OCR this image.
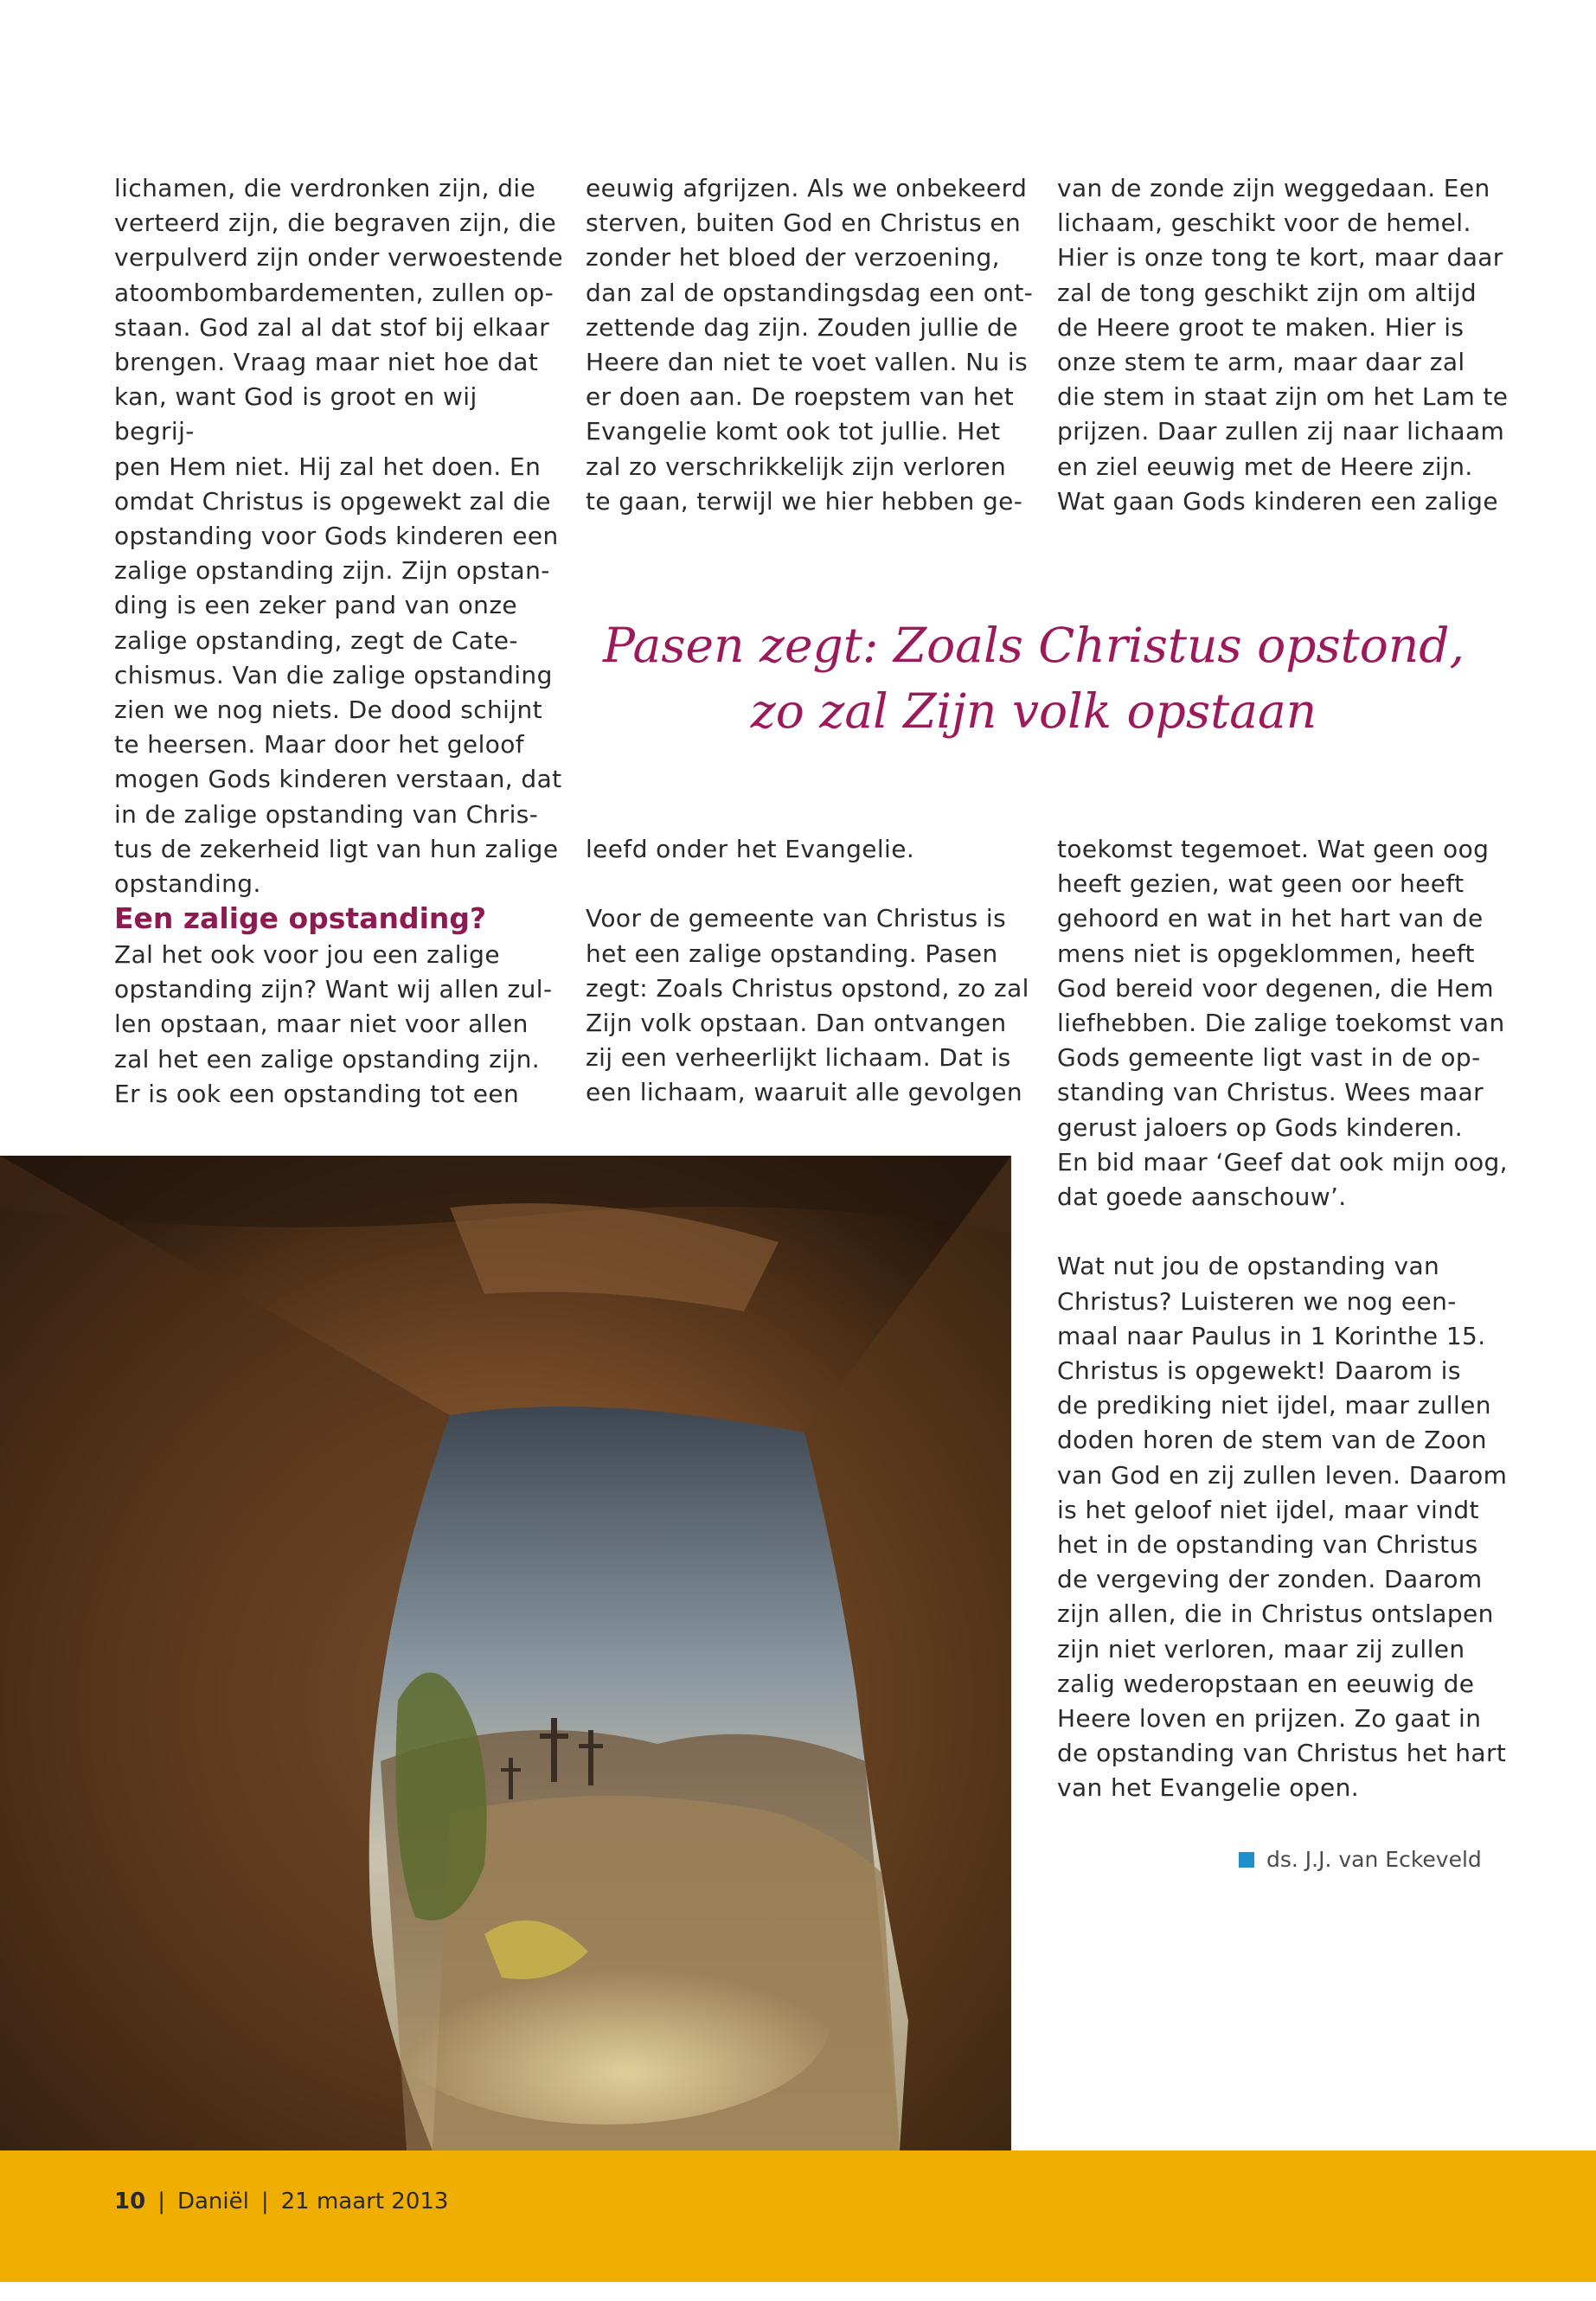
lichamen, die verdronken zijn, die
verteerd zijn, die begraven zijn, die
verpulverd zijn onder verwoestende
atoombombardementen, zullen op-
staan. God zal al dat stof bij elkaar
brengen. Vraag maar niet hoe dat
kan, want God is groot en wij begrij-
pen Hem niet. Hij zal het doen. En
omdat Christus is opgewekt zal die
opstanding voor Gods kinderen een
zalige opstanding zijn. Zijn opstan-
ding is een zeker pand van onze
zalige opstanding, zegt de Cate-
chismus. Van die zalige opstanding
zien we nog niets. De dood schijnt
te heersen. Maar door het geloof
mogen Gods kinderen verstaan, dat
in de zalige opstanding van Chris-
tus de zekerheid ligt van hun zalige
opstanding.

Een zalige opstanding?

Zal het ook voor jou een zalige
opstanding zijn? Want wij allen zul-
len opstaan, maar niet voor allen
zal het een zalige opstanding zijn.
Er is ook een opstanding tot een

eeuwig afgrijzen. Als we onbekeerd
sterven, buiten God en Christus en
zonder het bloed der verzoening,
dan zal de opstandingsdag een ont-
zettende dag zijn. Zouden jullie de
Heere dan niet te voet vallen. Nu is
er doen aan. De roepstem van het
Evangelie komt ook tot jullie. Het
zal zo verschrikkelijk zijn verloren
te gaan, terwijl we hier hebben ge-

leefd onder het Evangelie.

Voor de gemeente van Christus is
het een zalige opstanding. Pasen
zegt: Zoals Christus opstond, zo zal
Zijn volk opstaan. Dan ontvangen
zij een verheerlijkt lichaam. Dat is
een lichaam, waaruit alle gevolgen

van de zonde zijn weggedaan. Een
lichaam, geschikt voor de hemel.
Hier is onze tong te kort, maar daar
zal de tong geschikt zijn om altijd
de Heere groot te maken. Hier is
onze stem te arm, maar daar zal
die stem in staat zijn om het Lam te
prijzen. Daar zullen zij naar lichaam
en ziel eeuwig met de Heere zijn.
Wat gaan Gods kinderen een zalige

toekomst tegemoet. Wat geen oog
heeft gezien, wat geen oor heeft
gehoord en wat in het hart van de
mens niet is opgeklommen, heeft
God bereid voor degenen, die Hem
liefhebben. Die zalige toekomst van
Gods gemeente ligt vast in de op-
standing van Christus. Wees maar
gerust jaloers op Gods kinderen.
En bid maar ‘Geef dat ook mijn oog,
dat goede aanschouw’.

Wat nut jou de opstanding van
Christus? Luisteren we nog een-
maal naar Paulus in 1 Korinthe 15.
Christus is opgewekt! Daarom is
de prediking niet ijdel, maar zullen
doden horen de stem van de Zoon
van God en zij zullen leven. Daarom
is het geloof niet ijdel, maar vindt
het in de opstanding van Christus
de vergeving der zonden. Daarom
zijn allen, die in Christus ontslapen
zijn niet verloren, maar zij zullen
zalig wederopstaan en eeuwig de
Heere loven en prijzen. Zo gaat in
de opstanding van Christus het hart
van het Evangelie open.

Pasen zegt: Zoals Christus opstond,
zo zal Zijn volk opstaan

ds. J.J. van Eckeveld
10 | Daniël | 21 maart 2013
